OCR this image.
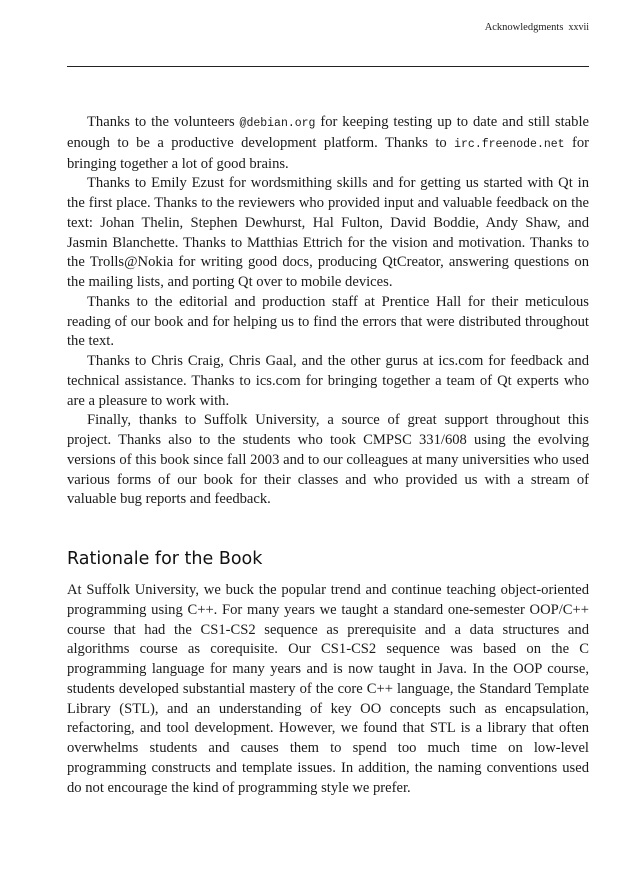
Acknowledgments xxvii

Thanks to the volunteers @debian.org for keeping testing up to date and still stable enough to be a productive development platform. Thanks to irc.freenode.net for bringing together a lot of good brains.

Thanks to Emily Ezust for wordsmithing skills and for getting us started with Qt in the first place. Thanks to the reviewers who provided input and valuable feedback on the text: Johan Thelin, Stephen Dewhurst, Hal Fulton, David Boddie, Andy Shaw, and Jasmin Blanchette. Thanks to Matthias Ettrich for the vision and motivation. Thanks to the Trolls@Nokia for writing good docs, producing QtCreator, answering questions on the mailing lists, and porting Qt over to mobile devices.

Thanks to the editorial and production staff at Prentice Hall for their meticulous reading of our book and for helping us to find the errors that were distributed throughout the text.

Thanks to Chris Craig, Chris Gaal, and the other gurus at ics.com for feedback and technical assistance. Thanks to ics.com for bringing together a team of Qt experts who are a pleasure to work with.

Finally, thanks to Suffolk University, a source of great support throughout this project. Thanks also to the students who took CMPSC 331/608 using the evolving versions of this book since fall 2003 and to our colleagues at many universities who used various forms of our book for their classes and who provided us with a stream of valuable bug reports and feedback.

Rationale for the Book

At Suffolk University, we buck the popular trend and continue teaching object-oriented programming using C++. For many years we taught a standard one-semester OOP/C++ course that had the CS1-CS2 sequence as prerequisite and a data structures and algorithms course as corequisite. Our CS1-CS2 sequence was based on the C programming language for many years and is now taught in Java. In the OOP course, students developed substantial mastery of the core C++ language, the Standard Template Library (STL), and an understanding of key OO concepts such as encapsulation, refactoring, and tool development. However, we found that STL is a library that often overwhelms students and causes them to spend too much time on low-level programming constructs and template issues. In addition, the naming conventions used do not encourage the kind of programming style we prefer.
